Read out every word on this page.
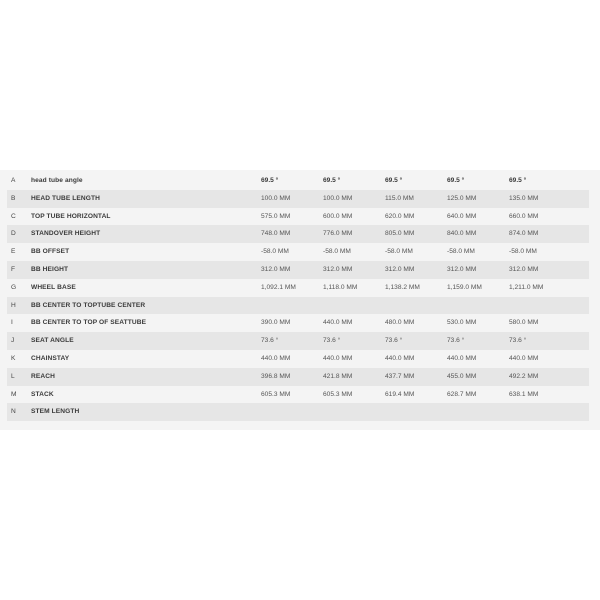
A	head tube angle	69.5 °	69.5 °	69.5 °	69.5 °	69.5 °
B	HEAD TUBE LENGTH	100.0 MM	100.0 MM	115.0 MM	125.0 MM	135.0 MM
C	TOP TUBE HORIZONTAL	575.0 MM	600.0 MM	620.0 MM	640.0 MM	660.0 MM
D	STANDOVER HEIGHT	748.0 MM	776.0 MM	805.0 MM	840.0 MM	874.0 MM
E	BB OFFSET	-58.0 MM	-58.0 MM	-58.0 MM	-58.0 MM	-58.0 MM
F	BB HEIGHT	312.0 MM	312.0 MM	312.0 MM	312.0 MM	312.0 MM
G	WHEEL BASE	1,092.1 MM	1,118.0 MM	1,138.2 MM	1,159.0 MM	1,211.0 MM
H	BB CENTER TO TOPTUBE CENTER					
I	BB CENTER TO TOP OF SEATTUBE	390.0 MM	440.0 MM	480.0 MM	530.0 MM	580.0 MM
J	SEAT ANGLE	73.6 °	73.6 °	73.6 °	73.6 °	73.6 °
K	CHAINSTAY	440.0 MM	440.0 MM	440.0 MM	440.0 MM	440.0 MM
L	REACH	396.8 MM	421.8 MM	437.7 MM	455.0 MM	492.2 MM
M	STACK	605.3 MM	605.3 MM	619.4 MM	628.7 MM	638.1 MM
N	STEM LENGTH					
